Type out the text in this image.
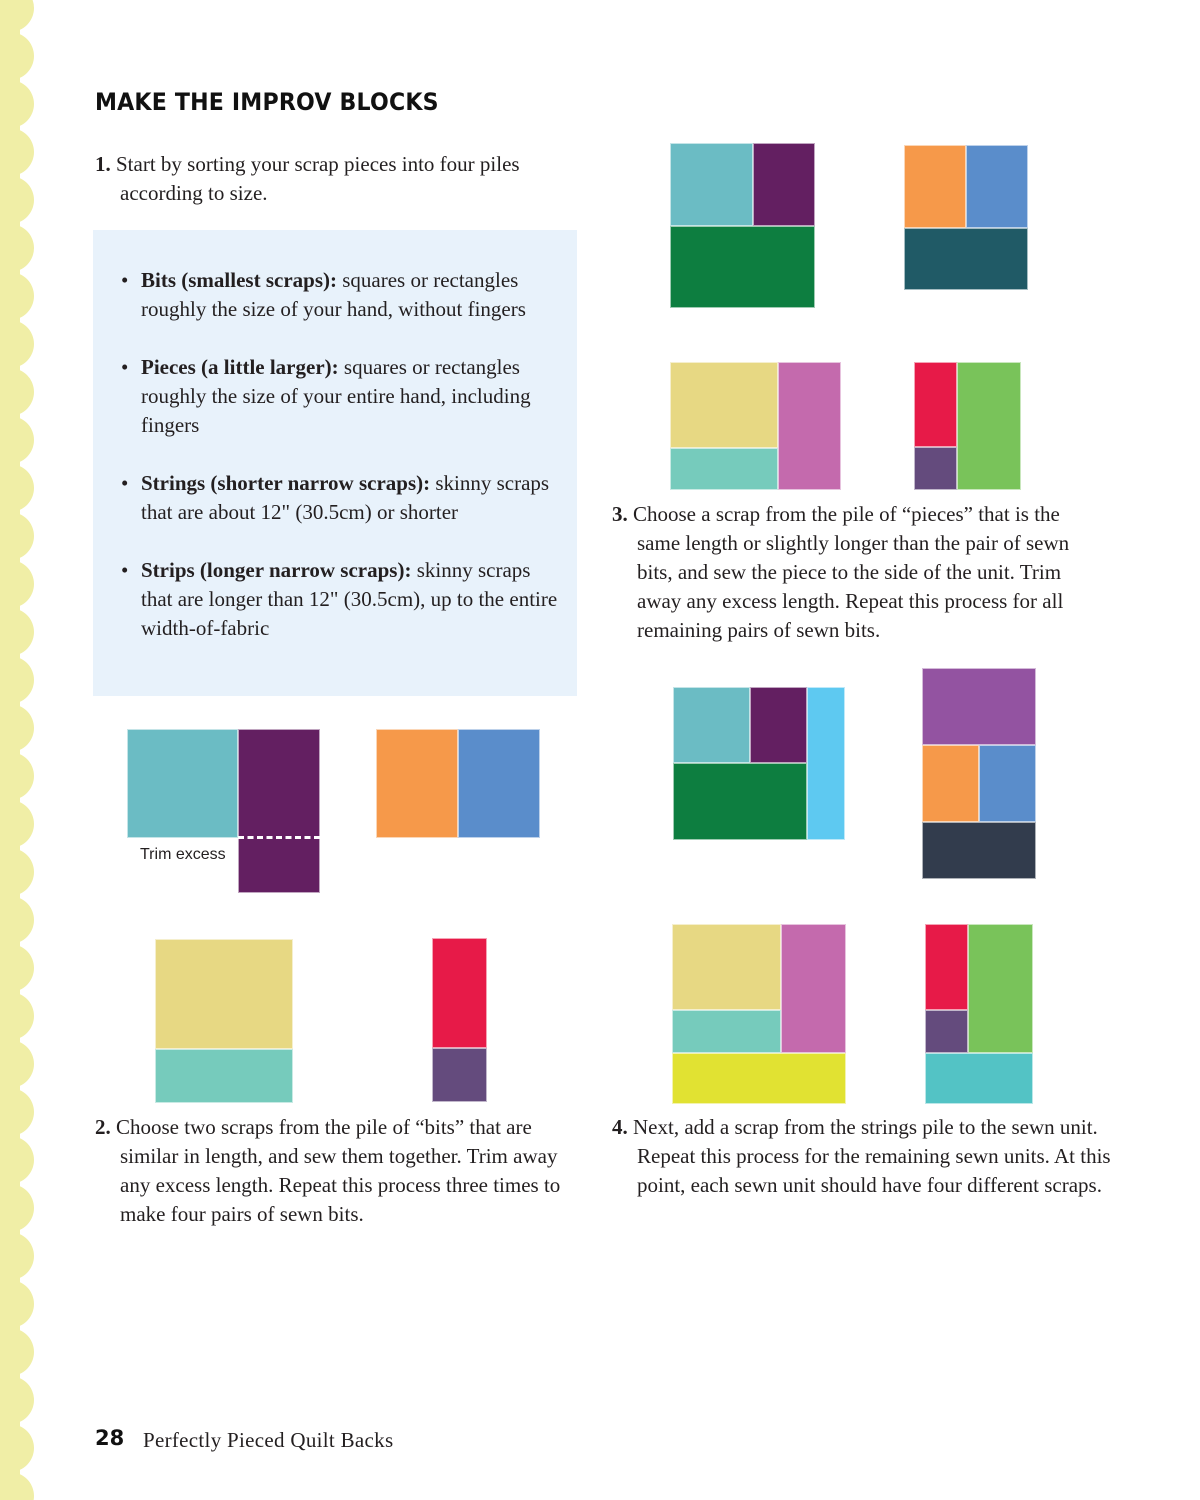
MAKE THE IMPROV BLOCKS
1. Start by sorting your scrap pieces into four piles according to size.
• Bits (smallest scraps): squares or rectangles roughly the size of your hand, without fingers
• Pieces (a little larger): squares or rectangles roughly the size of your entire hand, including fingers
• Strings (shorter narrow scraps): skinny scraps that are about 12" (30.5cm) or shorter
• Strips (longer narrow scraps): skinny scraps that are longer than 12" (30.5cm), up to the entire width-of-fabric
Trim excess
2. Choose two scraps from the pile of “bits” that are similar in length, and sew them together. Trim away any excess length. Repeat this process three times to make four pairs of sewn bits.
3. Choose a scrap from the pile of “pieces” that is the same length or slightly longer than the pair of sewn bits, and sew the piece to the side of the unit. Trim away any excess length. Repeat this process for all remaining pairs of sewn bits.
4. Next, add a scrap from the strings pile to the sewn unit. Repeat this process for the remaining sewn units. At this point, each sewn unit should have four different scraps.
28 Perfectly Pieced Quilt Backs
